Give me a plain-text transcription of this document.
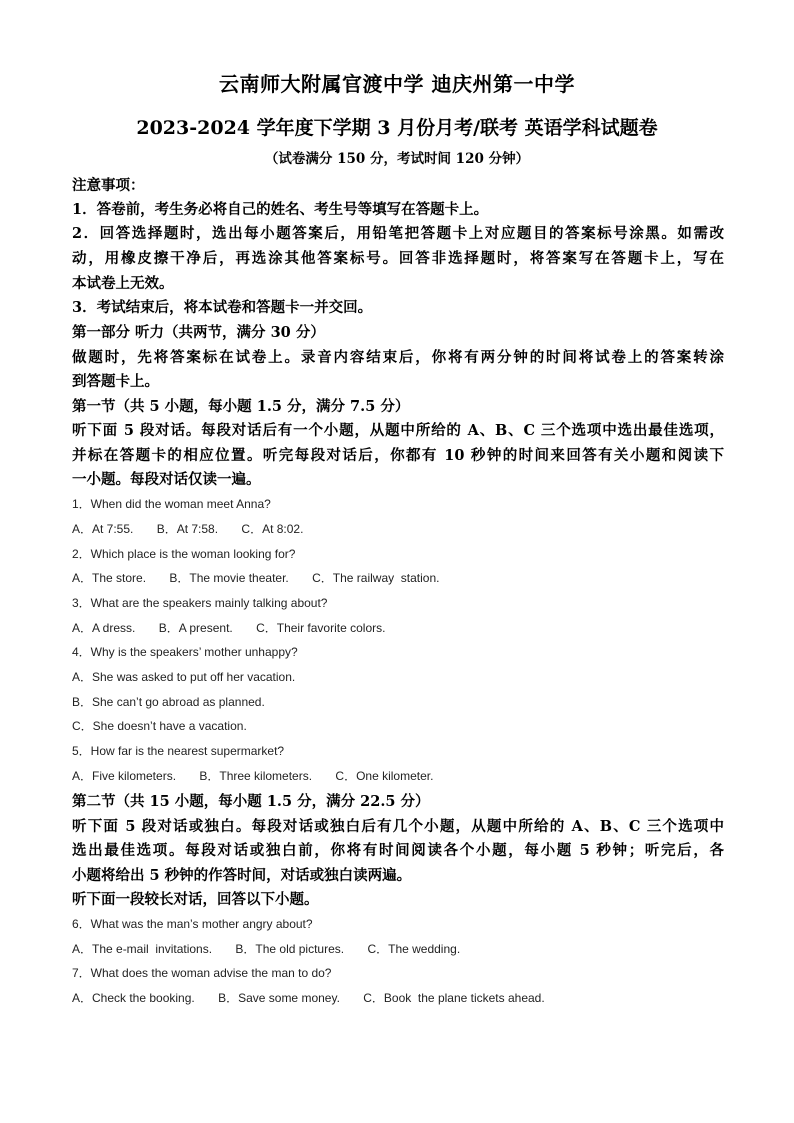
云南师大附属官渡中学 迪庆州第一中学
2023-2024 学年度下学期 3 月份月考/联考 英语学科试题卷
（试卷满分 150 分，考试时间 120 分钟）
注意事项：
1．答卷前，考生务必将自己的姓名、考生号等填写在答题卡上。
2．回答选择题时，选出每小题答案后，用铅笔把答题卡上对应题目的答案标号涂黑。如需改
动，用橡皮擦干净后，再选涂其他答案标号。回答非选择题时，将答案写在答题卡上，写在
本试卷上无效。
3．考试结束后，将本试卷和答题卡一并交回。
第一部分 听力（共两节，满分 30 分）
做题时，先将答案标在试卷上。录音内容结束后，你将有两分钟的时间将试卷上的答案转涂
到答题卡上。
第一节（共 5 小题，每小题 1.5 分，满分 7.5 分）
听下面 5 段对话。每段对话后有一个小题，从题中所给的 A、B、C 三个选项中选出最佳选项，
并标在答题卡的相应位置。听完每段对话后，你都有 10 秒钟的时间来回答有关小题和阅读下
一小题。每段对话仅读一遍。
1．When did the woman meet Anna?
A．At 7:55.       B．At 7:58.       C．At 8:02.
2．Which place is the woman looking for?
A．The store.       B．The movie theater.       C．The railway  station.
3．What are the speakers mainly talking about?
A．A dress.       B．A present.       C．Their favorite colors.
4．Why is the speakers’ mother unhappy?
A．She was asked to put off her vacation.
B．She can’t go abroad as planned.
C．She doesn’t have a vacation.
5．How far is the nearest supermarket?
A．Five kilometers.       B．Three kilometers.       C．One kilometer.
第二节（共 15 小题，每小题 1.5 分，满分 22.5 分）
听下面 5 段对话或独白。每段对话或独白后有几个小题，从题中所给的 A、B、C 三个选项中
选出最佳选项。每段对话或独白前，你将有时间阅读各个小题，每小题 5 秒钟；听完后，各
小题将给出 5 秒钟的作答时间，对话或独白读两遍。
听下面一段较长对话，回答以下小题。
6．What was the man’s mother angry about?
A．The e-mail  invitations.       B．The old pictures.       C．The wedding.
7．What does the woman advise the man to do?
A．Check the booking.       B．Save some money.       C．Book  the plane tickets ahead.
